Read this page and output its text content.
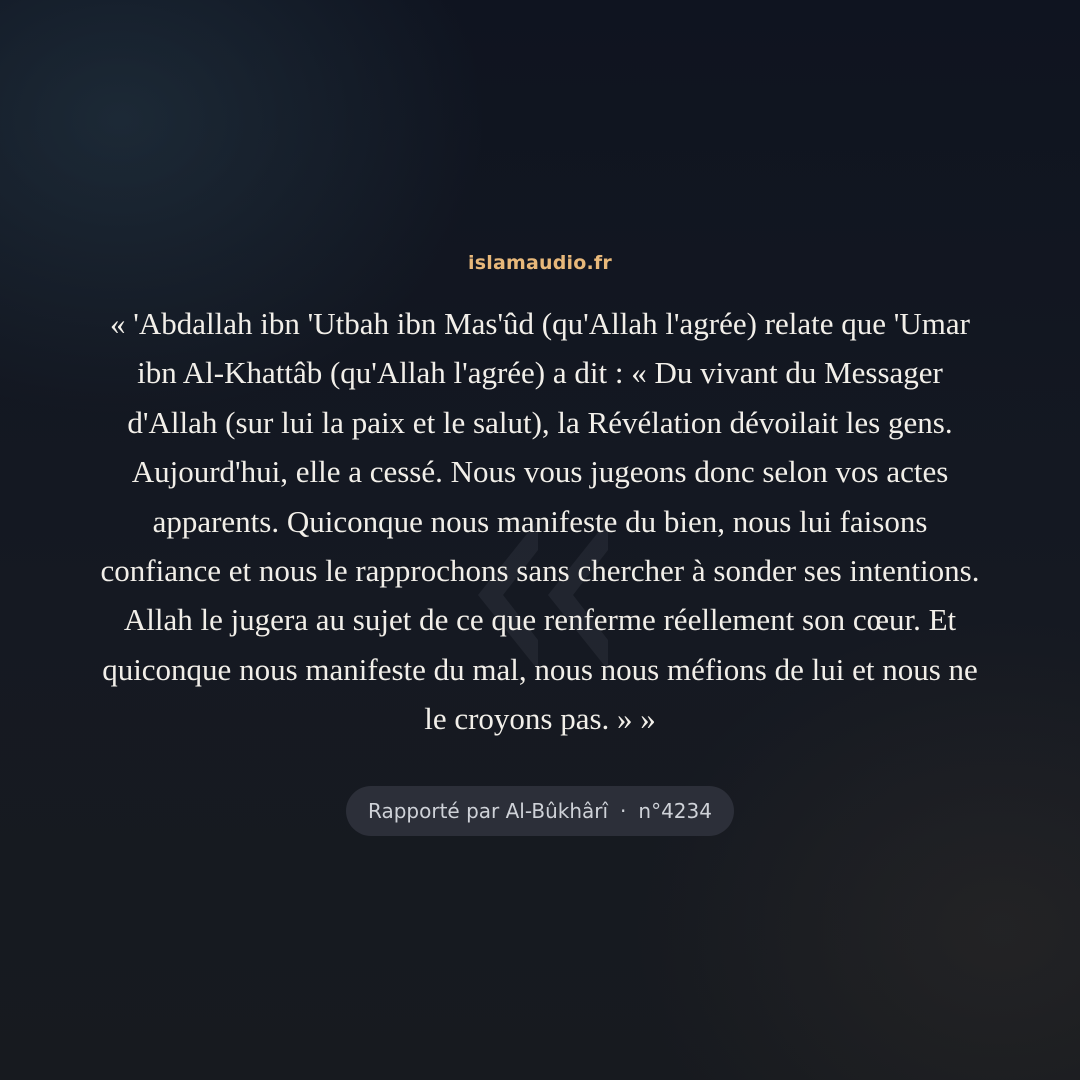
islamaudio.fr

« 'Abdallah ibn 'Utbah ibn Mas'ûd (qu'Allah l'agrée) relate que 'Umar ibn Al-Khattâb (qu'Allah l'agrée) a dit : « Du vivant du Messager d'Allah (sur lui la paix et le salut), la Révélation dévoilait les gens. Aujourd'hui, elle a cessé. Nous vous jugeons donc selon vos actes apparents. Quiconque nous manifeste du bien, nous lui faisons confiance et nous le rapprochons sans chercher à sonder ses intentions. Allah le jugera au sujet de ce que renferme réellement son cœur. Et quiconque nous manifeste du mal, nous nous méfions de lui et nous ne le croyons pas. » »

Rapporté par Al-Bûkhârî · n°4234
